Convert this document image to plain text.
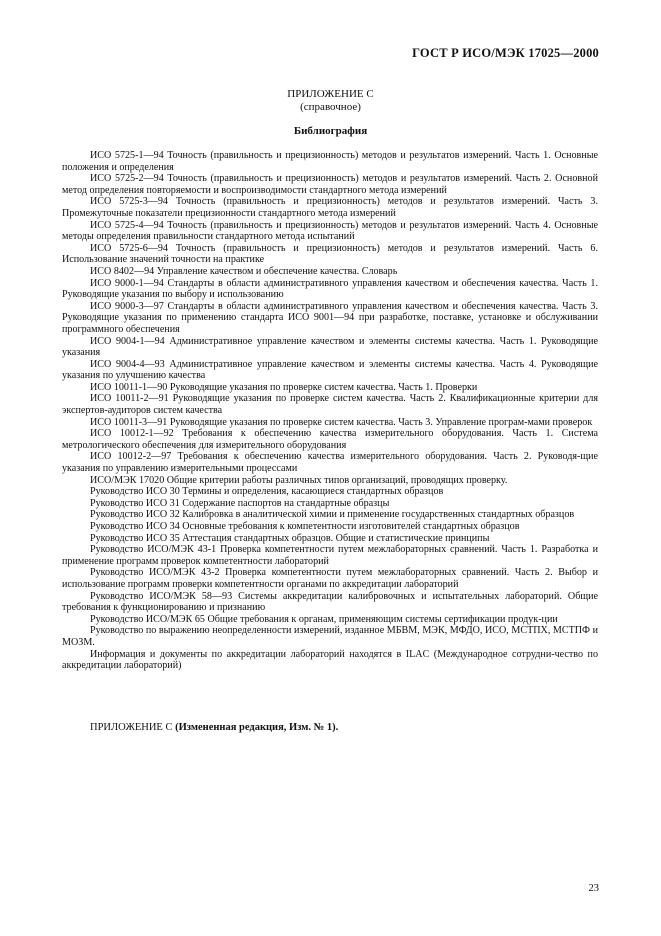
ГОСТ Р ИСО/МЭК 17025—2000
ПРИЛОЖЕНИЕ С
(справочное)
Библиография

ИСО 5725-1—94 Точность (правильность и прецизионность) методов и результатов измерений. Часть 1. Основные положения и определения

ИСО 5725-2—94 Точность (правильность и прецизионность) методов и результатов измерений. Часть 2. Основной метод определения повторяемости и воспроизводимости стандартного метода измерений

ИСО 5725-3—94 Точность (правильность и прецизионность) методов и результатов измерений. Часть 3. Промежуточные показатели прецизионности стандартного метода измерений

ИСО 5725-4—94 Точность (правильность и прецизионность) методов и результатов измерений. Часть 4. Основные методы определения правильности стандартного метода испытаний

ИСО 5725-6—94 Точность (правильность и прецизионность) методов и результатов измерений. Часть 6. Использование значений точности на практике

ИСО 8402—94 Управление качеством и обеспечение качества. Словарь

ИСО 9000-1—94 Стандарты в области административного управления качеством и обеспечения качества. Часть 1. Руководящие указания по выбору и использованию

ИСО 9000-3—97 Стандарты в области административного управления качеством и обеспечения качества. Часть 3. Руководящие указания по применению стандарта ИСО 9001—94 при разработке, поставке, установке и обслуживании программного обеспечения

ИСО 9004-1—94 Административное управление качеством и элементы системы качества. Часть 1. Руководящие указания

ИСО 9004-4—93 Административное управление качеством и элементы системы качества. Часть 4. Руководящие указания по улучшению качества

ИСО 10011-1—90 Руководящие указания по проверке систем качества. Часть 1. Проверки

ИСО 10011-2—91 Руководящие указания по проверке систем качества. Часть 2. Квалификационные критерии для экспертов-аудиторов систем качества

ИСО 10011-3—91 Руководящие указания по проверке систем качества. Часть 3. Управление програм-мами проверок

ИСО 10012-1—92 Требования к обеспечению качества измерительного оборудования. Часть 1. Система метрологического обеспечения для измерительного оборудования

ИСО 10012-2—97 Требования к обеспечению качества измерительного оборудования. Часть 2. Руководя-щие указания по управлению измерительными процессами

ИСО/МЭК 17020 Общие критерии работы различных типов организаций, проводящих проверку.

Руководство ИСО 30 Термины и определения, касающиеся стандартных образцов

Руководство ИСО 31 Содержание паспортов на стандартные образцы

Руководство ИСО 32 Калибровка в аналитической химии и применение государственных стандартных образцов

Руководство ИСО 34 Основные требования к компетентности изготовителей стандартных образцов

Руководство ИСО 35 Аттестация стандартных образцов. Общие и статистические принципы

Руководство ИСО/МЭК 43-1 Проверка компетентности путем межлабораторных сравнений. Часть 1. Разработка и применение программ проверок компетентности лабораторий

Руководство ИСО/МЭК 43-2 Проверка компетентности путем межлабораторных сравнений. Часть 2. Выбор и использование программ проверки компетентности органами по аккредитации лабораторий

Руководство ИСО/МЭК 58—93 Системы аккредитации калибровочных и испытательных лабораторий. Общие требования к функционированию и признанию

Руководство ИСО/МЭК 65 Общие требования к органам, применяющим системы сертификации продук-ции

Руководство по выражению неопределенности измерений, изданное МБВМ, МЭК, МФДО, ИСО, МСТПХ, МСТПФ и МОЗМ.

Информация и документы по аккредитации лабораторий находятся в ILAC (Международное сотрудни-чество по аккредитации лабораторий)

ПРИЛОЖЕНИЕ С (Измененная редакция, Изм. № 1).
23
